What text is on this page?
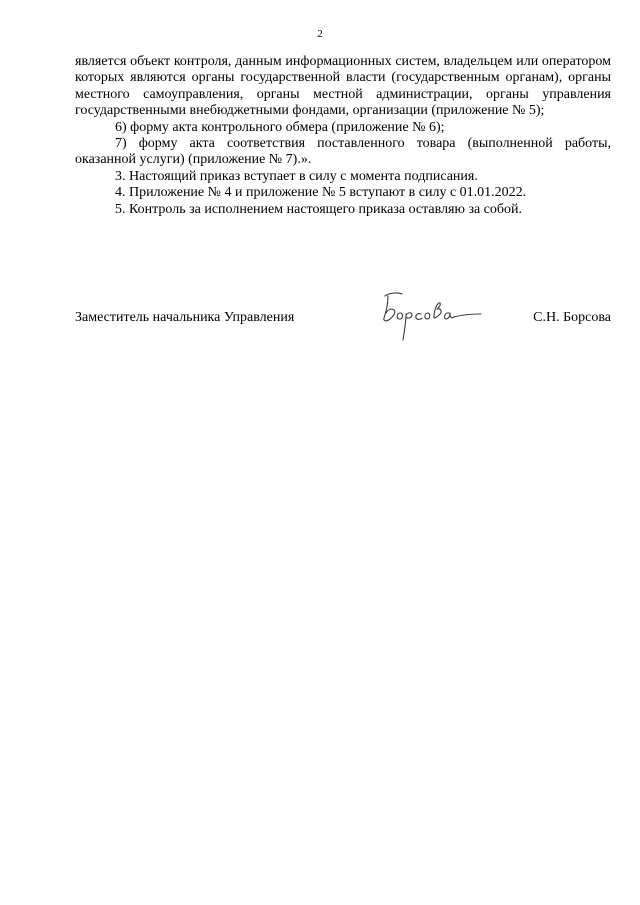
2

является объект контроля, данным информационных систем, владельцем или оператором которых являются органы государственной власти (государственным органам), органы местного самоуправления, органы местной администрации, органы управления государственными внебюджетными фондами, организации (приложение № 5);

6) форму акта контрольного обмера (приложение № 6);

7) форму акта соответствия поставленного товара (выполненной работы, оказанной услуги) (приложение № 7).».

3. Настоящий приказ вступает в силу с момента подписания.

4. Приложение № 4 и приложение № 5 вступают в силу с 01.01.2022.

5. Контроль за исполнением настоящего приказа оставляю за собой.

Заместитель начальника Управления	С.Н. Борсова
